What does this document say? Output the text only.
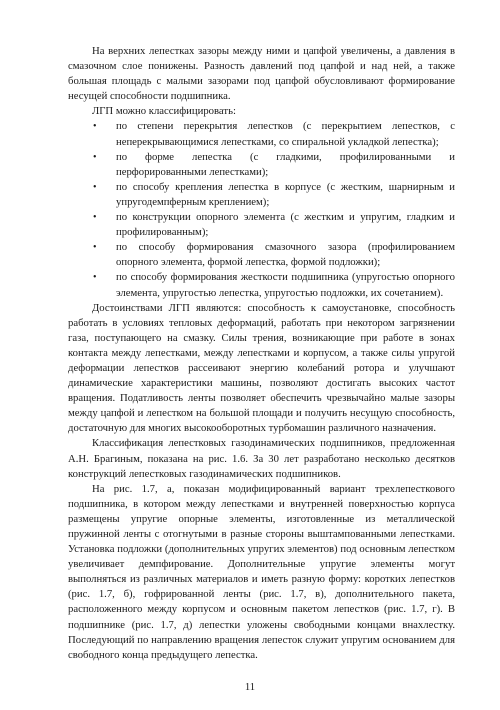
На верхних лепестках зазоры между ними и цапфой увеличены, а давления в смазочном слое понижены. Разность давлений под цапфой и над ней, а также большая площадь с малыми зазорами под цапфой обусловливают формирование несущей способности подшипника.

ЛГП можно классифицировать:

• по степени перекрытия лепестков (с перекрытием лепестков, с неперекрывающимися лепестками, со спиральной укладкой лепестка);
• по форме лепестка (с гладкими, профилированными и перфорированными лепестками);
• по способу крепления лепестка в корпусе (с жестким, шарнирным и упругодемпферным креплением);
• по конструкции опорного элемента (с жестким и упругим, гладким и профилированным);
• по способу формирования смазочного зазора (профилированием опорного элемента, формой лепестка, формой подложки);
• по способу формирования жесткости подшипника (упругостью опорного элемента, упругостью лепестка, упругостью подложки, их сочетанием).

Достоинствами ЛГП являются: способность к самоустановке, способность работать в условиях тепловых деформаций, работать при некотором загрязнении газа, поступающего на смазку. Силы трения, возникающие при работе в зонах контакта между лепестками, между лепестками и корпусом, а также силы упругой деформации лепестков рассеивают энергию колебаний ротора и улучшают динамические характеристики машины, позволяют достигать высоких частот вращения. Податливость ленты позволяет обеспечить чрезвычайно малые зазоры между цапфой и лепестком на большой площади и получить несущую способность, достаточную для многих высокооборотных турбомашин различного назначения.

Классификация лепестковых газодинамических подшипников, предложенная А.Н. Брагиным, показана на рис. 1.6. За 30 лет разработано несколько десятков конструкций лепестковых газодинамических подшипников.

На рис. 1.7, а, показан модифицированный вариант трехлепесткового подшипника, в котором между лепестками и внутренней поверхностью корпуса размещены упругие опорные элементы, изготовленные из металлической пружинной ленты с отогнутыми в разные стороны выштампованными лепестками. Установка подложки (дополнительных упругих элементов) под основным лепестком увеличивает демпфирование. Дополнительные упругие элементы могут выполняться из различных материалов и иметь разную форму: коротких лепестков (рис. 1.7, б), гофрированной ленты (рис. 1.7, в), дополнительного пакета, расположенного между корпусом и основным пакетом лепестков (рис. 1.7, г). В подшипнике (рис. 1.7, д) лепестки уложены свободными концами внахлестку. Последующий по направлению вращения лепесток служит упругим основанием для свободного конца предыдущего лепестка.

11
